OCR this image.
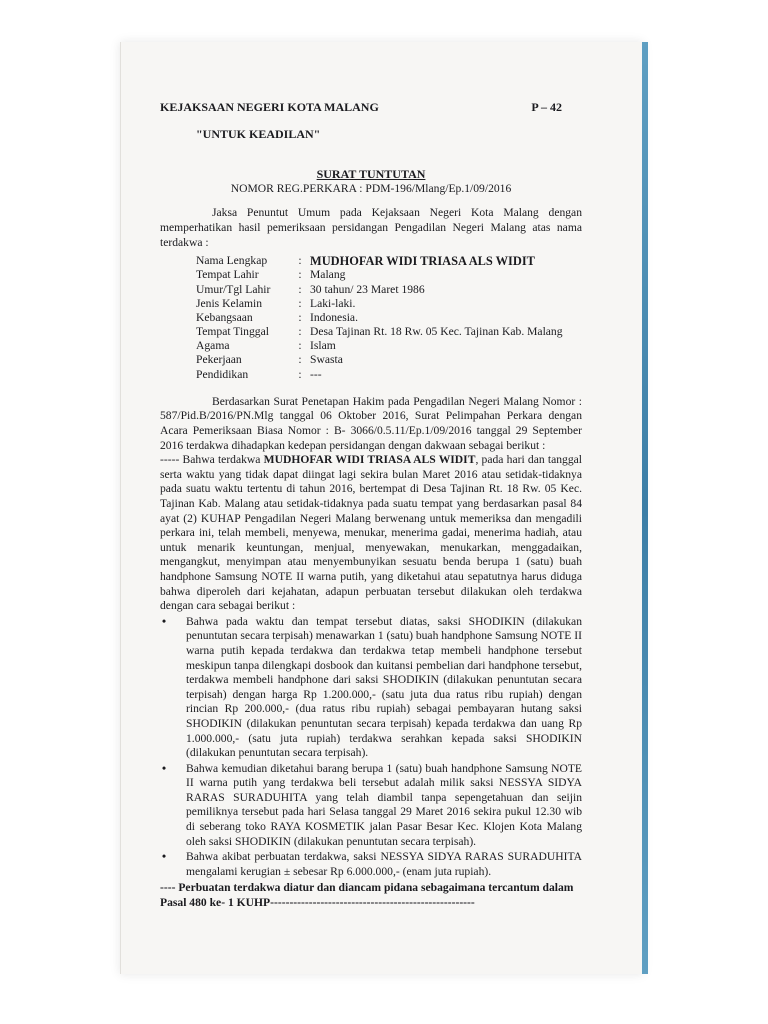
KEJAKSAAN NEGERI KOTA MALANG	P – 42
"UNTUK KEADILAN"
SURAT TUNTUTAN
NOMOR REG.PERKARA : PDM-196/Mlang/Ep.1/09/2016

Jaksa Penuntut Umum pada Kejaksaan Negeri Kota Malang dengan memperhatikan hasil pemeriksaan persidangan Pengadilan Negeri Malang atas nama terdakwa :

Nama Lengkap	: MUDHOFAR WIDI TRIASA ALS WIDIT
Tempat Lahir	: Malang
Umur/Tgl Lahir	: 30 tahun/ 23 Maret 1986
Jenis Kelamin	: Laki-laki.
Kebangsaan	: Indonesia.
Tempat Tinggal	: Desa Tajinan Rt. 18 Rw. 05 Kec. Tajinan Kab. Malang
Agama	: Islam
Pekerjaan	: Swasta
Pendidikan	: ---

Berdasarkan Surat Penetapan Hakim pada Pengadilan Negeri Malang Nomor : 587/Pid.B/2016/PN.Mlg tanggal 06 Oktober 2016, Surat Pelimpahan Perkara dengan Acara Pemeriksaan Biasa Nomor : B- 3066/0.5.11/Ep.1/09/2016 tanggal 29 September 2016 terdakwa dihadapkan kedepan persidangan dengan dakwaan sebagai berikut :

----- Bahwa terdakwa MUDHOFAR WIDI TRIASA ALS WIDIT, pada hari dan tanggal serta waktu yang tidak dapat diingat lagi sekira bulan Maret 2016 atau setidak-tidaknya pada suatu waktu tertentu di tahun 2016, bertempat di Desa Tajinan Rt. 18 Rw. 05 Kec. Tajinan Kab. Malang atau setidak-tidaknya pada suatu tempat yang berdasarkan pasal 84 ayat (2) KUHAP Pengadilan Negeri Malang berwenang untuk memeriksa dan mengadili perkara ini, telah membeli, menyewa, menukar, menerima gadai, menerima hadiah, atau untuk menarik keuntungan, menjual, menyewakan, menukarkan, menggadaikan, mengangkut, menyimpan atau menyembunyikan sesuatu benda berupa 1 (satu) buah handphone Samsung NOTE II warna putih, yang diketahui atau sepatutnya harus diduga bahwa diperoleh dari kejahatan, adapun perbuatan tersebut dilakukan oleh terdakwa dengan cara sebagai berikut :

• Bahwa pada waktu dan tempat tersebut diatas, saksi SHODIKIN (dilakukan penuntutan secara terpisah) menawarkan 1 (satu) buah handphone Samsung NOTE II warna putih kepada terdakwa dan terdakwa tetap membeli handphone tersebut meskipun tanpa dilengkapi dosbook dan kuitansi pembelian dari handphone tersebut, terdakwa membeli handphone dari saksi SHODIKIN (dilakukan penuntutan secara terpisah) dengan harga Rp 1.200.000,- (satu juta dua ratus ribu rupiah) dengan rincian Rp 200.000,- (dua ratus ribu rupiah) sebagai pembayaran hutang saksi SHODIKIN (dilakukan penuntutan secara terpisah) kepada terdakwa dan uang Rp 1.000.000,- (satu juta rupiah) terdakwa serahkan kepada saksi SHODIKIN (dilakukan penuntutan secara terpisah).
• Bahwa kemudian diketahui barang berupa 1 (satu) buah handphone Samsung NOTE II warna putih yang terdakwa beli tersebut adalah milik saksi NESSYA SIDYA RARAS SURADUHITA yang telah diambil tanpa sepengetahuan dan seijin pemiliknya tersebut pada hari Selasa tanggal 29 Maret 2016 sekira pukul 12.30 wib di seberang toko RAYA KOSMETIK jalan Pasar Besar Kec. Klojen Kota Malang oleh saksi SHODIKIN (dilakukan penuntutan secara terpisah).
• Bahwa akibat perbuatan terdakwa, saksi NESSYA SIDYA RARAS SURADUHITA mengalami kerugian ± sebesar Rp 6.000.000,- (enam juta rupiah).

---- Perbuatan terdakwa diatur dan diancam pidana sebagaimana tercantum dalam Pasal 480 ke- 1 KUHP-----------------------------------------------------
